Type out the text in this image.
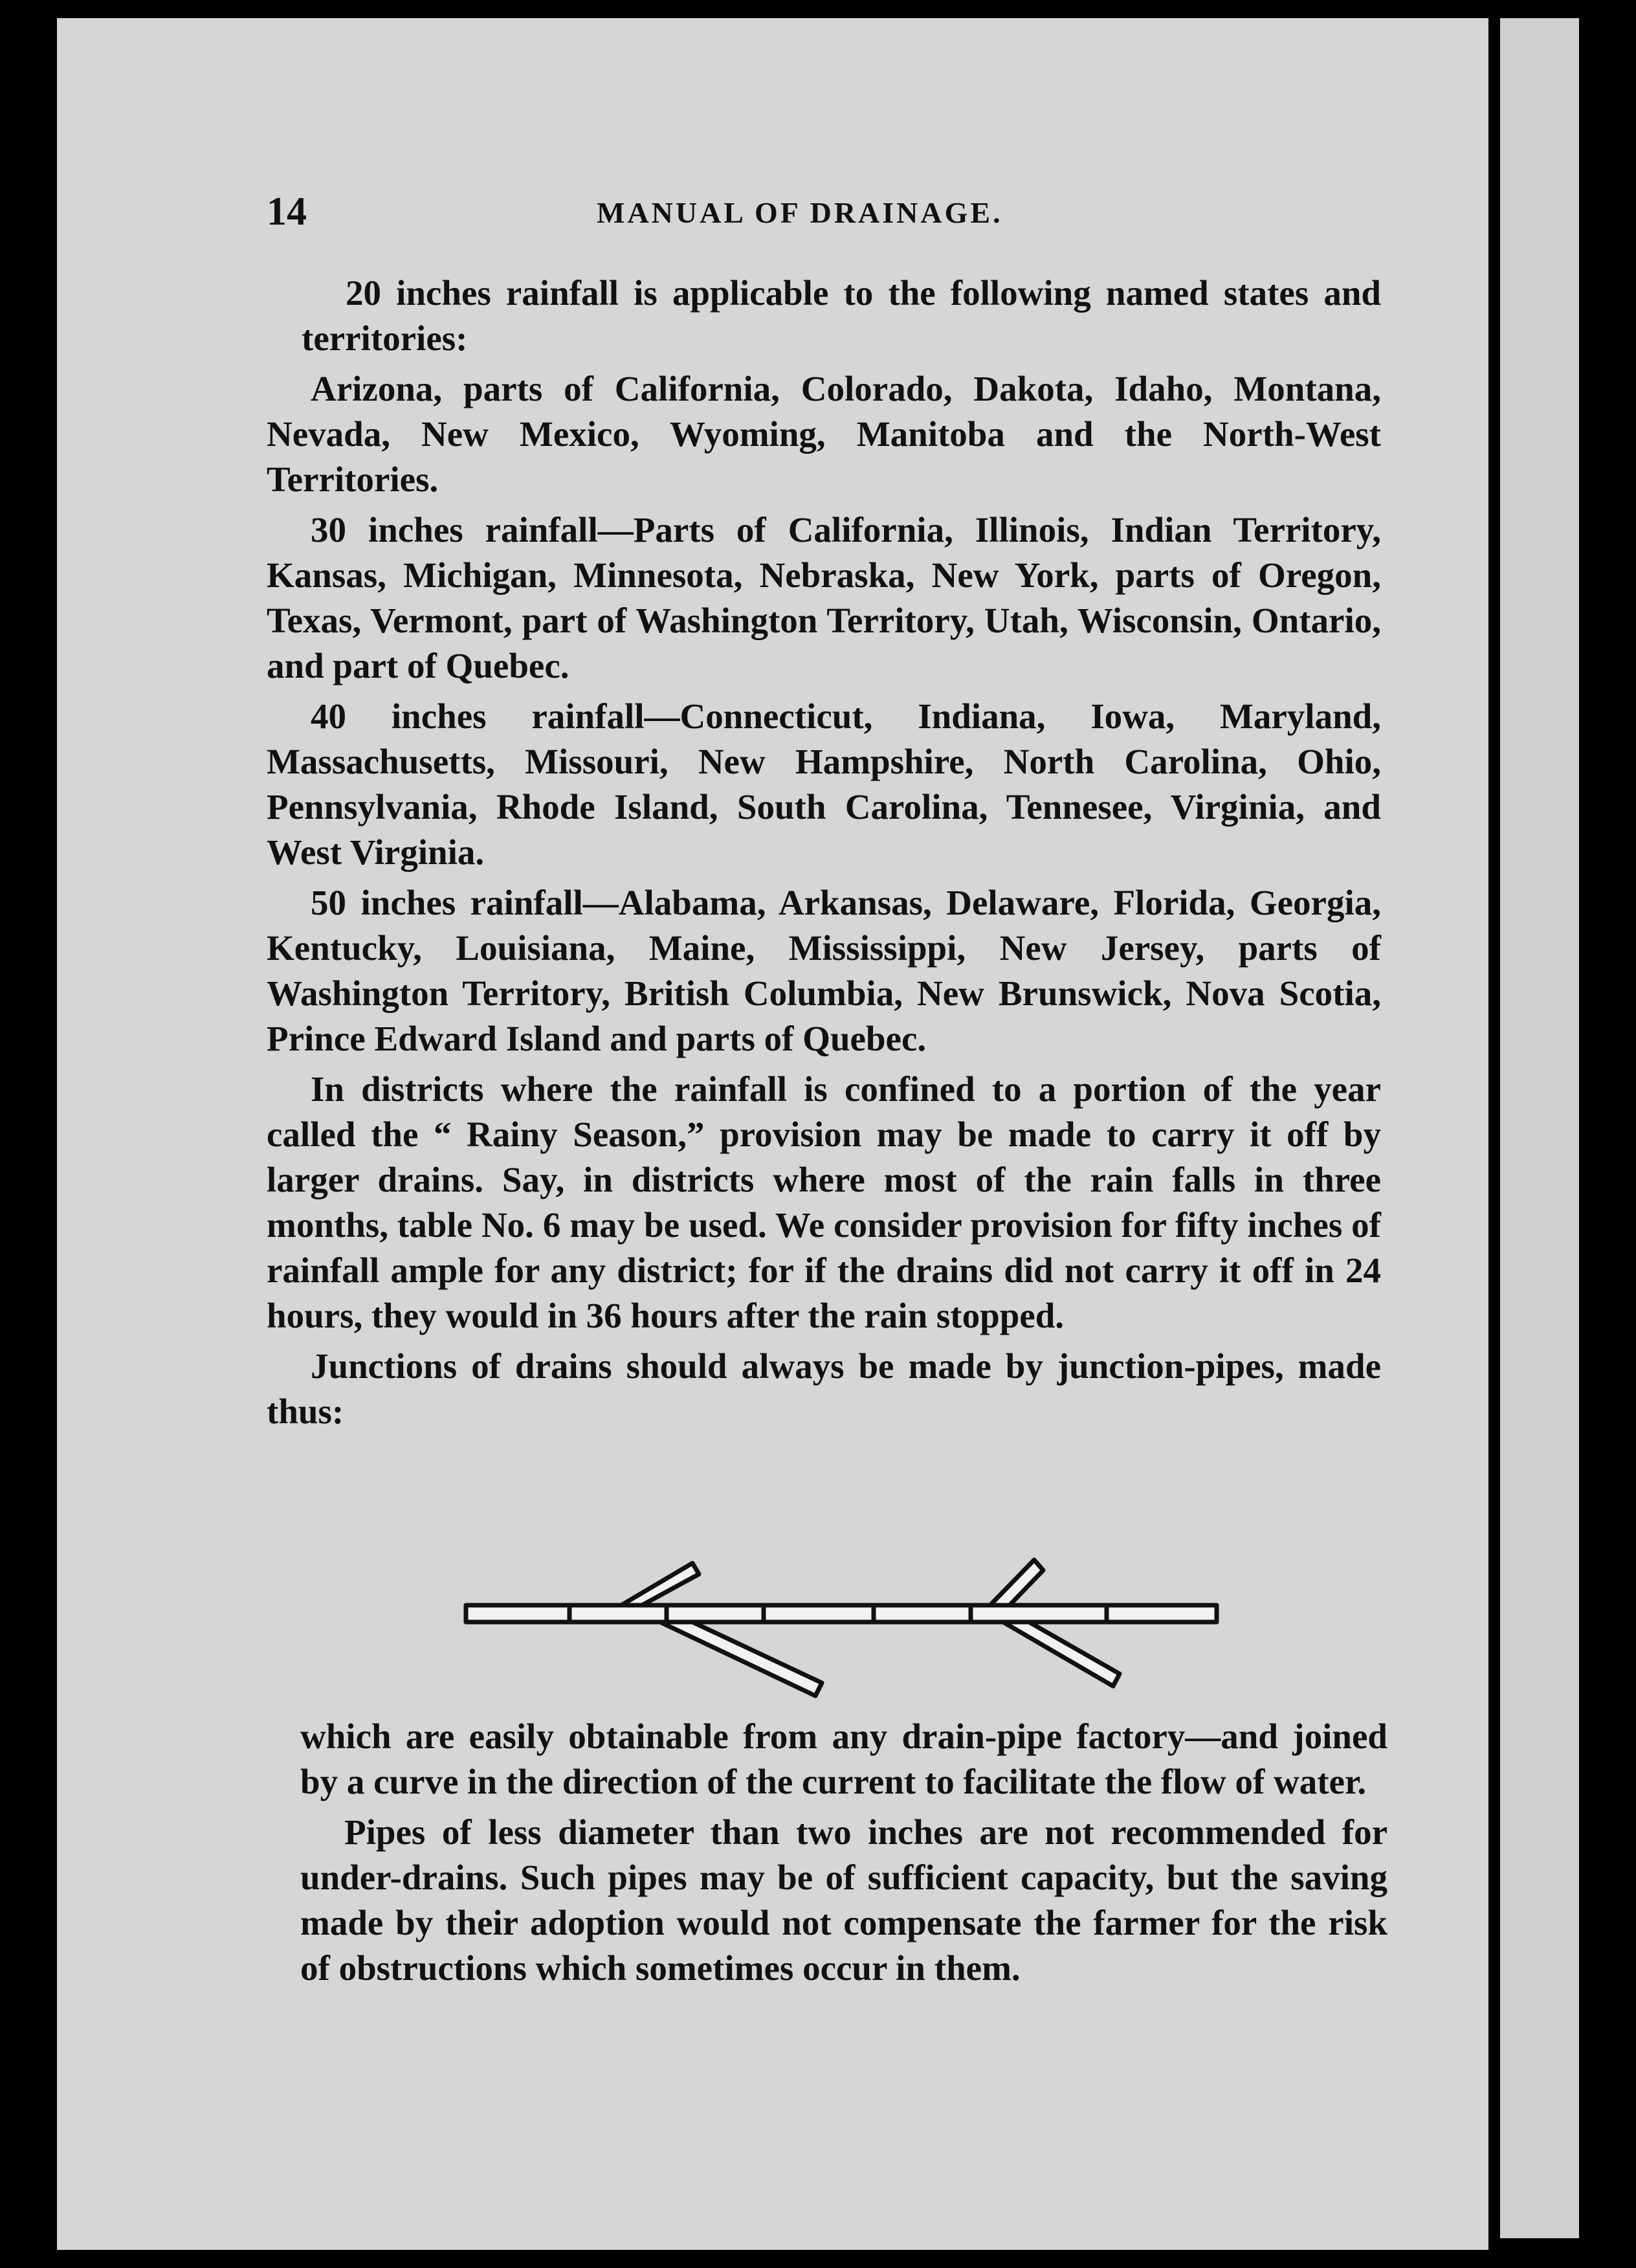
14	MANUAL OF DRAINAGE.

20 inches rainfall is applicable to the following named states and territories:

Arizona, parts of California, Colorado, Dakota, Idaho, Montana, Nevada, New Mexico, Wyoming, Manitoba and the North-West Territories.

30 inches rainfall—Parts of California, Illinois, Indian Territory, Kansas, Michigan, Minnesota, Nebraska, New York, parts of Oregon, Texas, Vermont, part of Washington Territory, Utah, Wisconsin, Ontario, and part of Quebec.

40 inches rainfall—Connecticut, Indiana, Iowa, Maryland, Massachusetts, Missouri, New Hampshire, North Carolina, Ohio, Pennsylvania, Rhode Island, South Carolina, Tennesee, Virginia, and West Virginia.

50 inches rainfall—Alabama, Arkansas, Delaware, Florida, Georgia, Kentucky, Louisiana, Maine, Mississippi, New Jersey, parts of Washington Territory, British Columbia, New Brunswick, Nova Scotia, Prince Edward Island and parts of Quebec.

In districts where the rainfall is confined to a portion of the year called the “ Rainy Season,” provision may be made to carry it off by larger drains. Say, in districts where most of the rain falls in three months, table No. 6 may be used. We consider provision for fifty inches of rainfall ample for any district; for if the drains did not carry it off in 24 hours, they would in 36 hours after the rain stopped.

Junctions of drains should always be made by junction-pipes, made thus:

which are easily obtainable from any drain-pipe factory—and joined by a curve in the direction of the current to facilitate the flow of water.

Pipes of less diameter than two inches are not recommended for under-drains. Such pipes may be of sufficient capacity, but the saving made by their adoption would not compensate the farmer for the risk of obstructions which sometimes occur in them.
